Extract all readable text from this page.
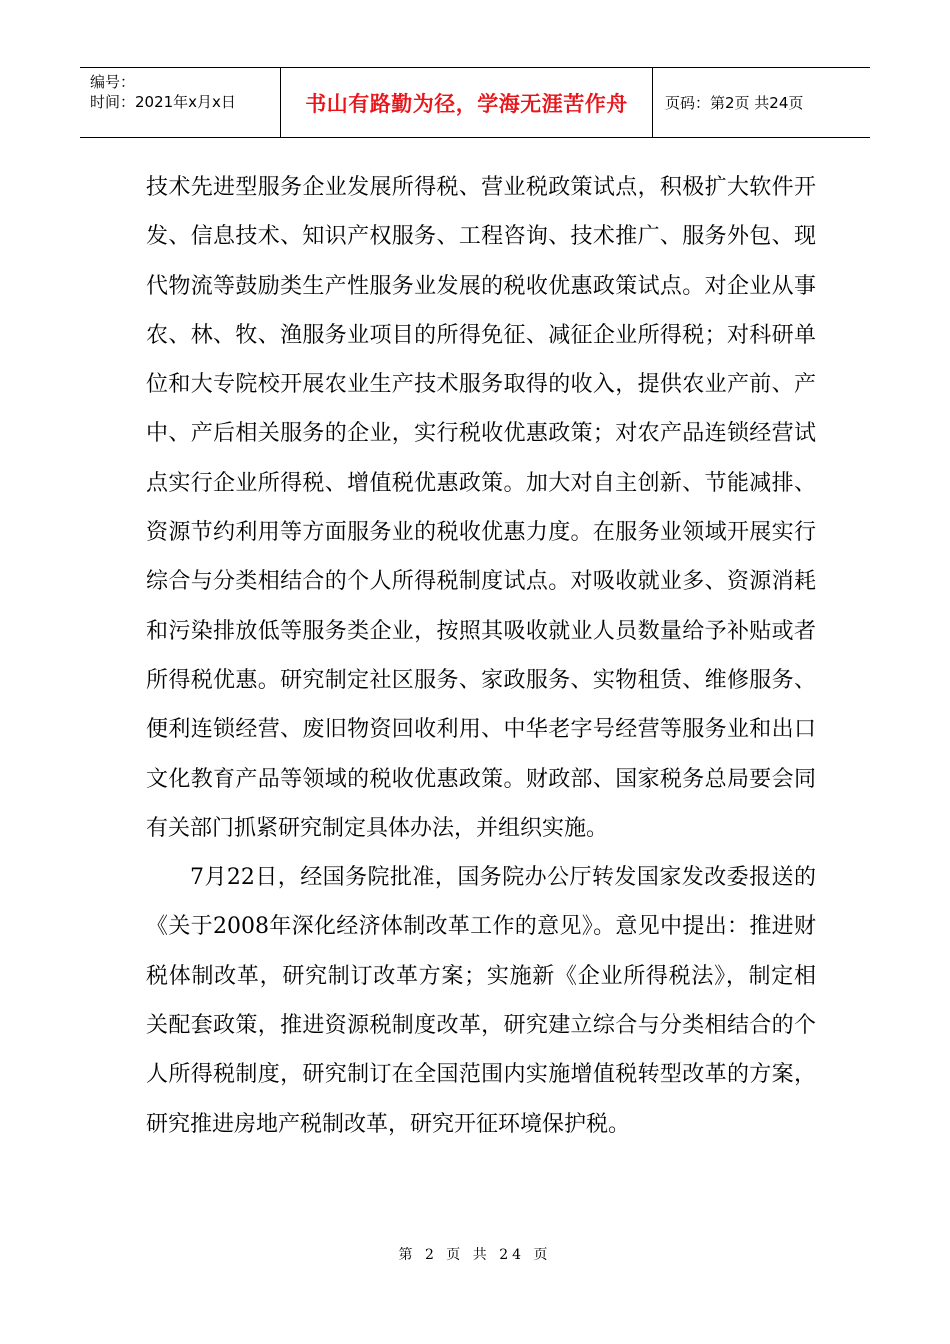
编号：
时间：2021年x月x日	书山有路勤为径，学海无涯苦作舟 页码：第2页 共24页

技术先进型服务企业发展所得税、营业税政策试点，积极扩大软件开发、信息技术、知识产权服务、工程咨询、技术推广、服务外包、现代物流等鼓励类生产性服务业发展的税收优惠政策试点。对企业从事农、林、牧、渔服务业项目的所得免征、减征企业所得税；对科研单位和大专院校开展农业生产技术服务取得的收入，提供农业产前、产中、产后相关服务的企业，实行税收优惠政策；对农产品连锁经营试点实行企业所得税、增值税优惠政策。加大对自主创新、节能减排、资源节约利用等方面服务业的税收优惠力度。在服务业领域开展实行综合与分类相结合的个人所得税制度试点。对吸收就业多、资源消耗和污染排放低等服务类企业，按照其吸收就业人员数量给予补贴或者所得税优惠。研究制定社区服务、家政服务、实物租赁、维修服务、便利连锁经营、废旧物资回收利用、中华老字号经营等服务业和出口文化教育产品等领域的税收优惠政策。财政部、国家税务总局要会同有关部门抓紧研究制定具体办法，并组织实施。

7月22日，经国务院批准，国务院办公厅转发国家发改委报送的《关于2008年深化经济体制改革工作的意见》。意见中提出：推进财税体制改革，研究制订改革方案；实施新《企业所得税法》，制定相关配套政策，推进资源税制度改革，研究建立综合与分类相结合的个人所得税制度，研究制订在全国范围内实施增值税转型改革的方案，研究推进房地产税制改革，研究开征环境保护税。

第 2 页 共 24 页
